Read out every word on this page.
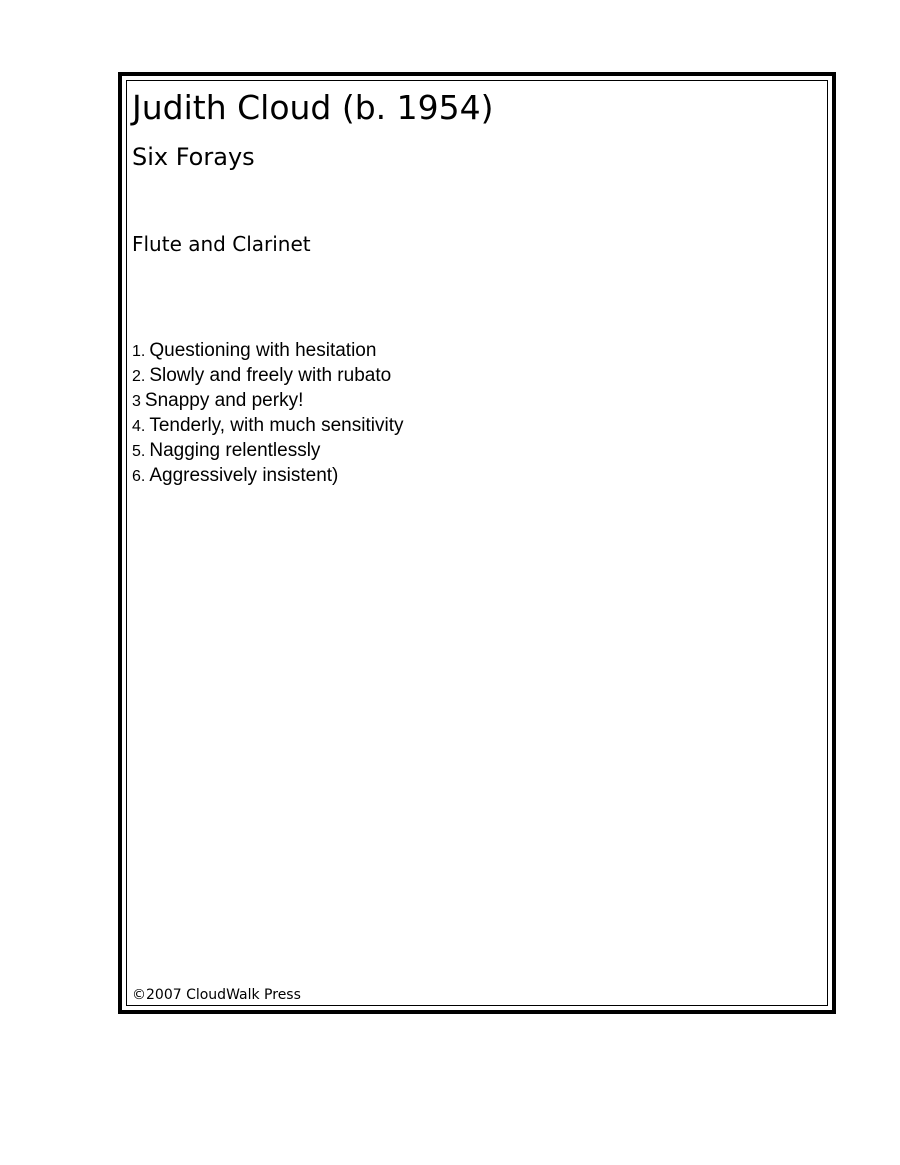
Judith Cloud (b. 1954)
Six Forays

Flute and Clarinet

1. Questioning with hesitation
2. Slowly and freely with rubato
3 Snappy and perky!
4. Tenderly, with much sensitivity
5. Nagging relentlessly
6. Aggressively insistent)

©2007 CloudWalk Press
